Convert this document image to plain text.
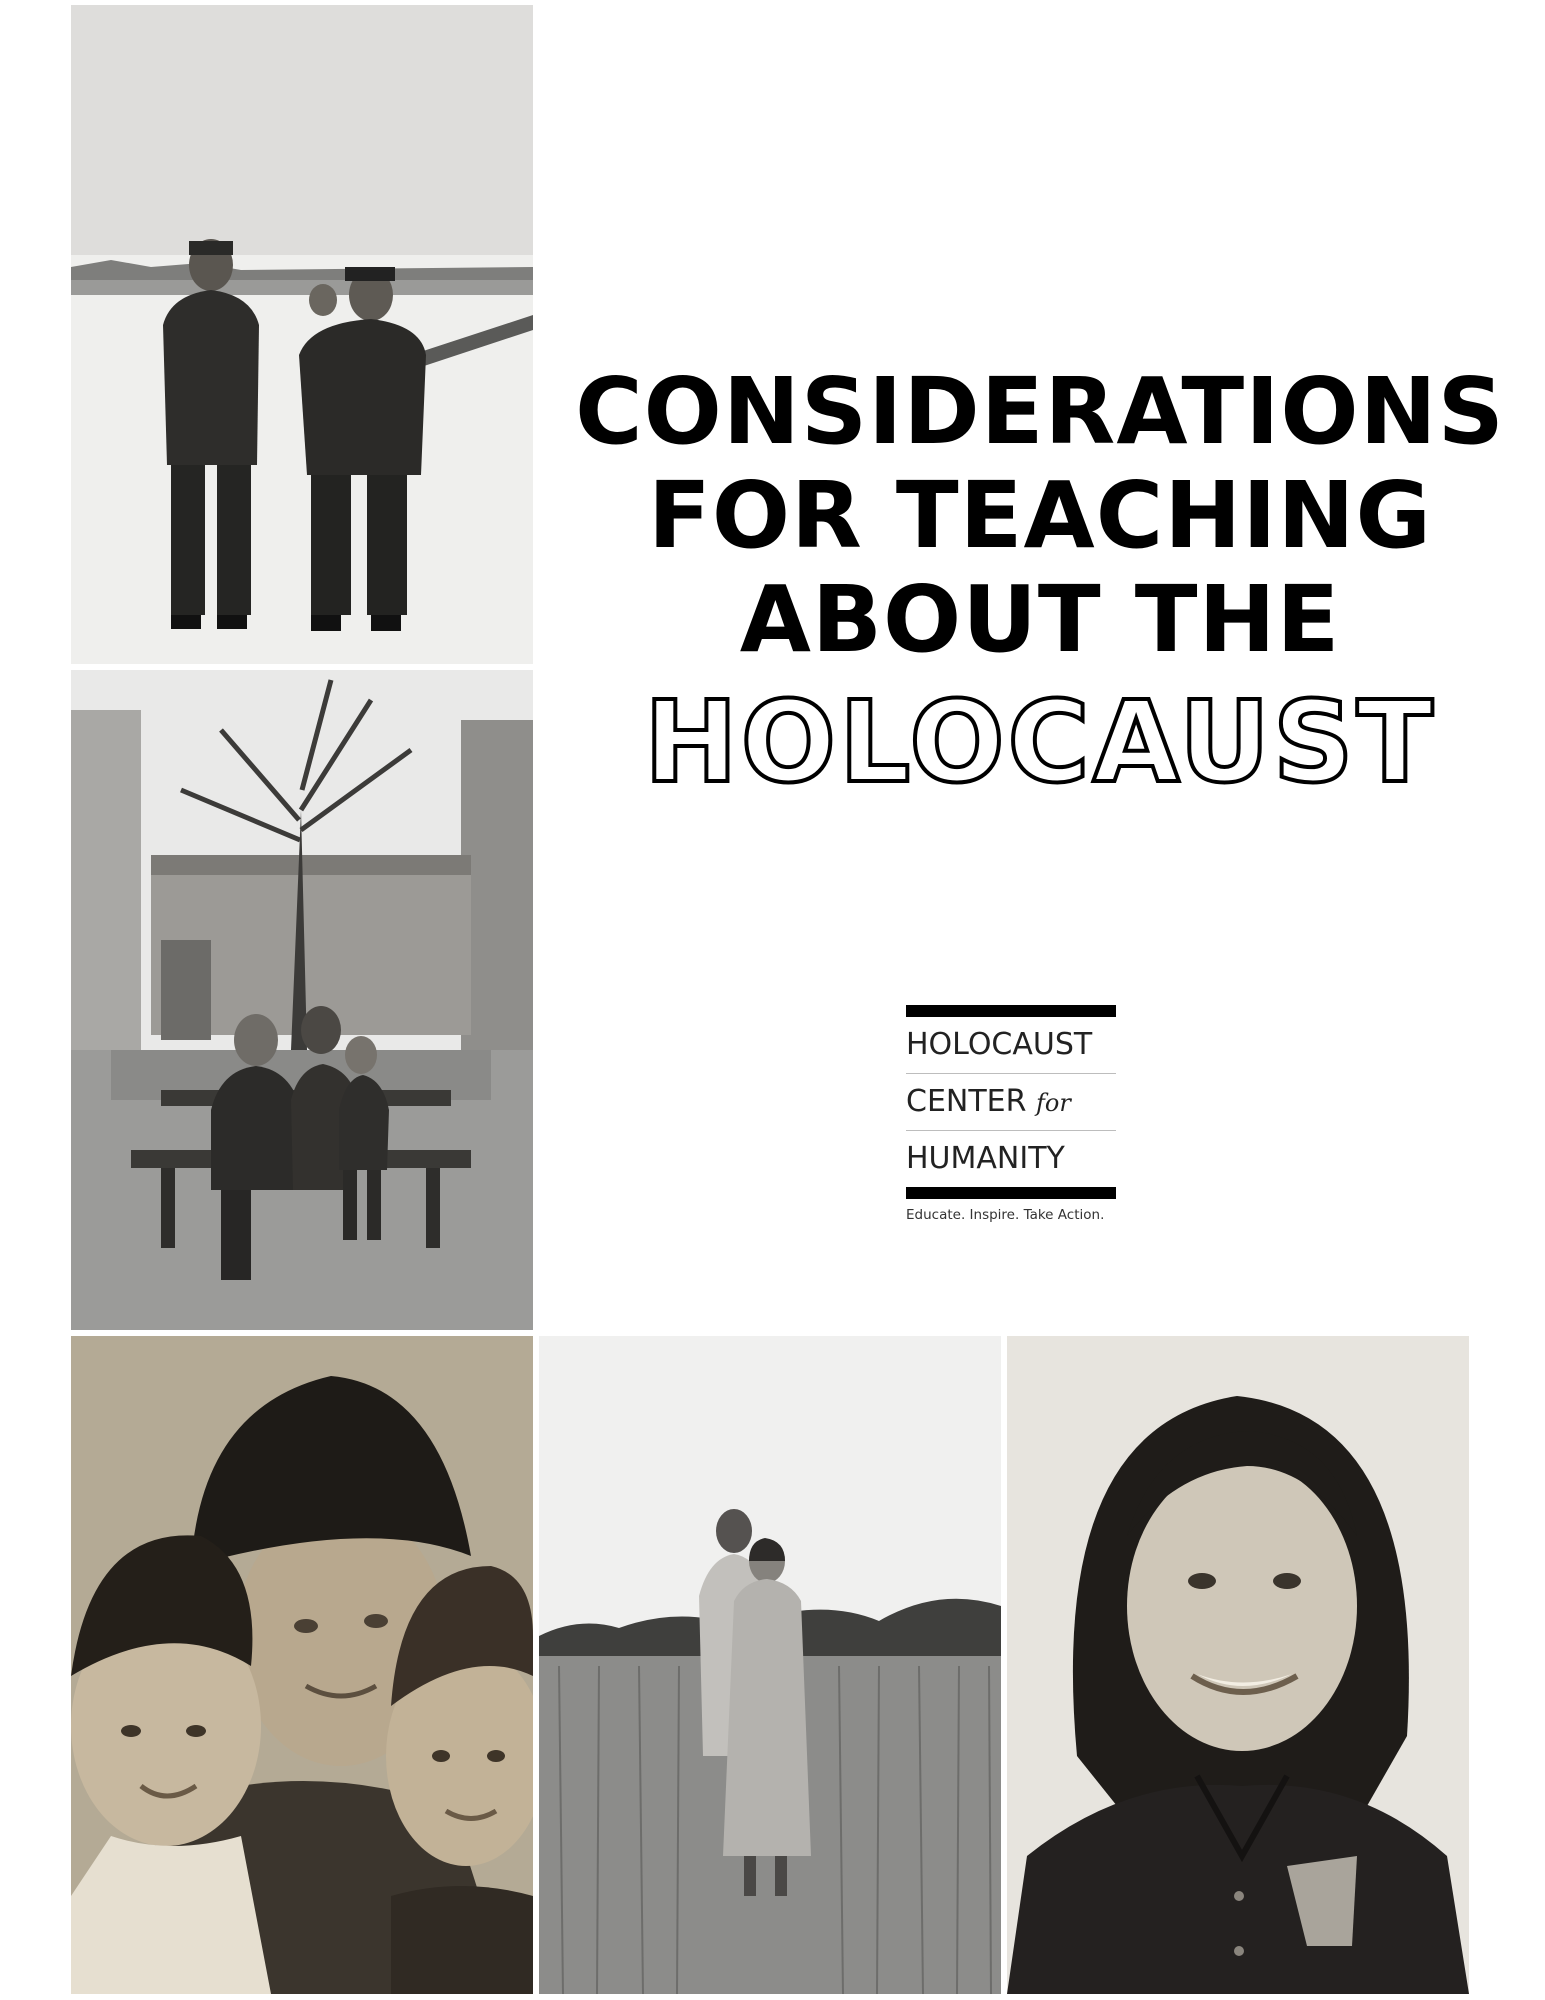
CONSIDERATIONS
FOR TEACHING
ABOUT THE
HOLOCAUST
HOLOCAUST
CENTER for
HUMANITY
Educate. Inspire. Take Action.
